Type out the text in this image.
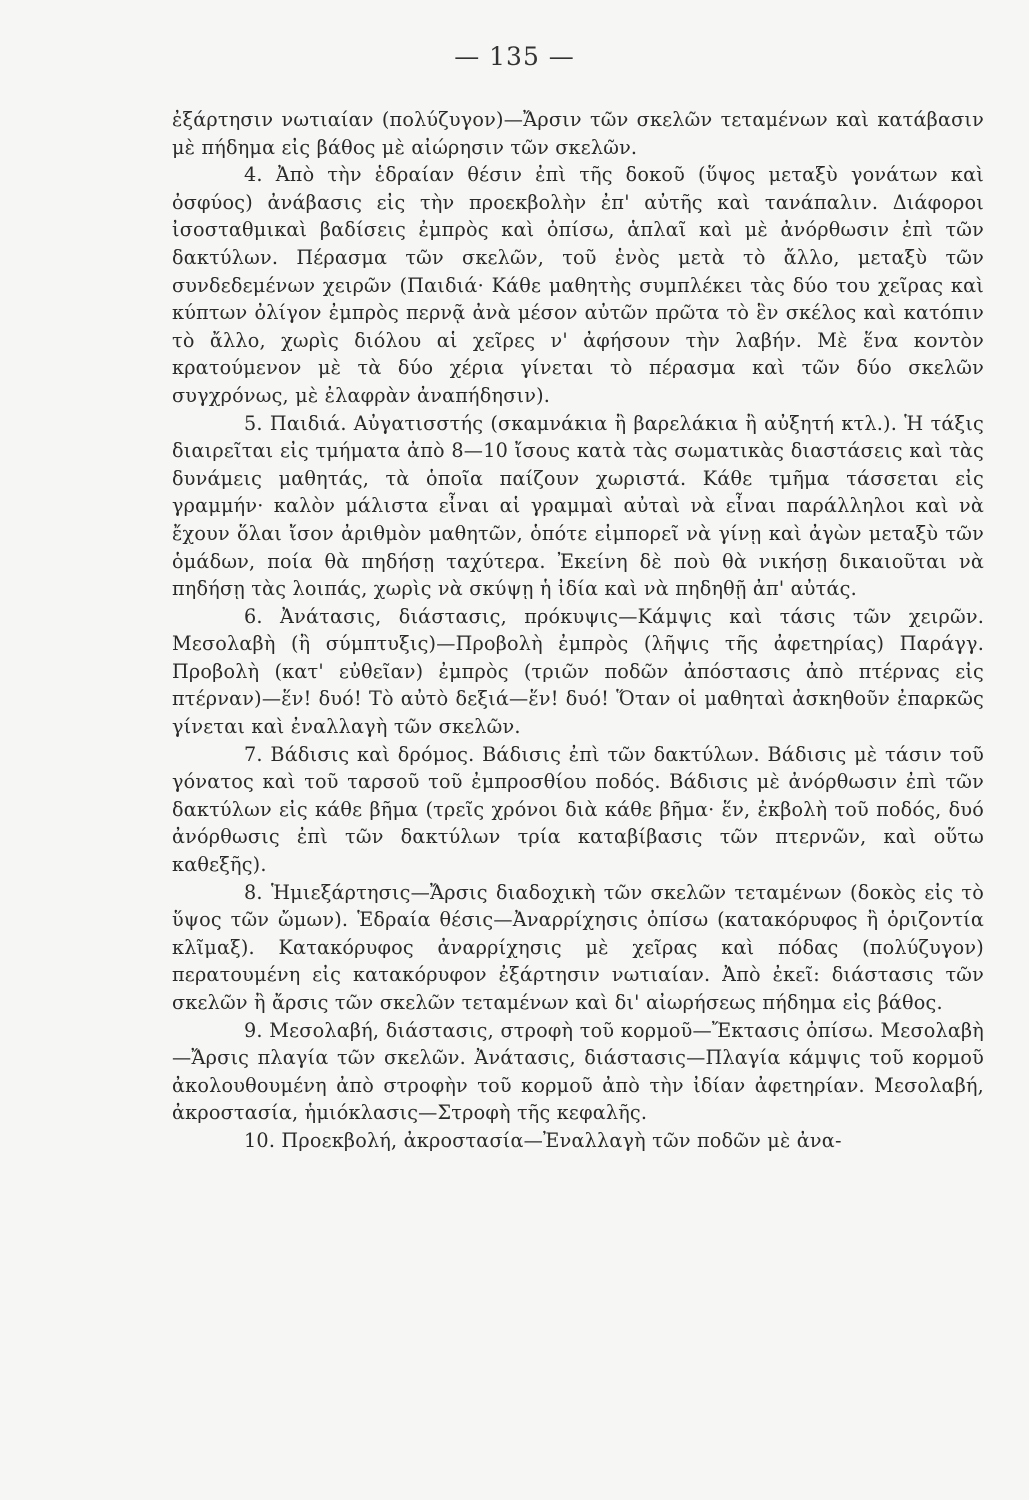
— 135 —

ἐξάρτησιν νωτιαίαν (πολύζυγον)—Ἄρσιν τῶν σκελῶν τεταμένων καὶ κατάβασιν μὲ πήδημα εἰς βάθος μὲ αἰώρησιν τῶν σκελῶν.

4. Ἀπὸ τὴν ἑδραίαν θέσιν ἐπὶ τῆς δοκοῦ (ὕψος μεταξὺ γονάτων καὶ ὀσφύος) ἀνάβασις εἰς τὴν προεκβολὴν ἐπ' αὐτῆς καὶ τανάπαλιν. Διάφοροι ἰσοσταθμικαὶ βαδίσεις ἐμπρὸς καὶ ὀπίσω, ἁπλαῖ καὶ μὲ ἀνόρθωσιν ἐπὶ τῶν δακτύλων. Πέρασμα τῶν σκελῶν, τοῦ ἑνὸς μετὰ τὸ ἄλλο, μεταξὺ τῶν συνδεδεμένων χειρῶν (Παιδιά· Κάθε μαθητὴς συμπλέκει τὰς δύο του χεῖρας καὶ κύπτων ὀλίγον ἐμπρὸς περνᾷ ἀνὰ μέσον αὐτῶν πρῶτα τὸ ἓν σκέλος καὶ κατόπιν τὸ ἄλλο, χωρὶς διόλου αἱ χεῖρες ν' ἀφήσουν τὴν λαβήν. Μὲ ἕνα κοντὸν κρατούμενον μὲ τὰ δύο χέρια γίνεται τὸ πέρασμα καὶ τῶν δύο σκελῶν συγχρόνως, μὲ ἐλαφρὰν ἀναπήδησιν).

5. Παιδιά. Αὐγατισστής (σκαμνάκια ἢ βαρελάκια ἢ αὐξητή κτλ.). Ἡ τάξις διαιρεῖται εἰς τμήματα ἀπὸ 8—10 ἴσους κατὰ τὰς σωματικὰς διαστάσεις καὶ τὰς δυνάμεις μαθητάς, τὰ ὁποῖα παίζουν χωριστά. Κάθε τμῆμα τάσσεται εἰς γραμμήν· καλὸν μάλιστα εἶναι αἱ γραμμαὶ αὐταὶ νὰ εἶναι παράλληλοι καὶ νὰ ἔχουν ὅλαι ἴσον ἀριθμὸν μαθητῶν, ὁπότε εἰμπορεῖ νὰ γίνῃ καὶ ἀγὼν μεταξὺ τῶν ὁμάδων, ποία θὰ πηδήσῃ ταχύτερα. Ἐκείνη δὲ ποὺ θὰ νικήσῃ δικαιοῦται νὰ πηδήσῃ τὰς λοιπάς, χωρὶς νὰ σκύψῃ ἡ ἰδία καὶ νὰ πηδηθῇ ἀπ' αὐτάς.

6. Ἀνάτασις, διάστασις, πρόκυψις—Κάμψις καὶ τάσις τῶν χειρῶν. Μεσολαβὴ (ἢ σύμπτυξις)—Προβολὴ ἐμπρὸς (λῆψις τῆς ἀφετηρίας) Παράγγ. Προβολὴ (κατ' εὐθεῖαν) ἐμπρὸς (τριῶν ποδῶν ἀπόστασις ἀπὸ πτέρνας εἰς πτέρναν)—ἕν! δυό! Τὸ αὐτὸ δεξιά—ἕν! δυό! Ὅταν οἱ μαθηταὶ ἀσκηθοῦν ἐπαρκῶς γίνεται καὶ ἐναλλαγὴ τῶν σκελῶν.

7. Βάδισις καὶ δρόμος. Βάδισις ἐπὶ τῶν δακτύλων. Βάδισις μὲ τάσιν τοῦ γόνατος καὶ τοῦ ταρσοῦ τοῦ ἐμπροσθίου ποδός. Βάδισις μὲ ἀνόρθωσιν ἐπὶ τῶν δακτύλων εἰς κάθε βῆμα (τρεῖς χρόνοι διὰ κάθε βῆμα· ἕν, ἐκβολὴ τοῦ ποδός, δυό ἀνόρθωσις ἐπὶ τῶν δακτύλων τρία καταβίβασις τῶν πτερνῶν, καὶ οὕτω καθεξῆς).

8. Ἡμιεξάρτησις—Ἄρσις διαδοχικὴ τῶν σκελῶν τεταμένων (δοκὸς εἰς τὸ ὕψος τῶν ὤμων). Ἑδραία θέσις—Ἀναρρίχησις ὀπίσω (κατακόρυφος ἢ ὁριζοντία κλῖμαξ). Κατακόρυφος ἀναρρίχησις μὲ χεῖρας καὶ πόδας (πολύζυγον) περατουμένη εἰς κατακόρυφον ἐξάρτησιν νωτιαίαν. Ἀπὸ ἐκεῖ: διάστασις τῶν σκελῶν ἢ ἄρσις τῶν σκελῶν τεταμένων καὶ δι' αἰωρήσεως πήδημα εἰς βάθος.

9. Μεσολαβή, διάστασις, στροφὴ τοῦ κορμοῦ—Ἔκτασις ὀπίσω. Μεσολαβὴ—Ἄρσις πλαγία τῶν σκελῶν. Ἀνάτασις, διάστασις—Πλαγία κάμψις τοῦ κορμοῦ ἀκολουθουμένη ἀπὸ στροφὴν τοῦ κορμοῦ ἀπὸ τὴν ἰδίαν ἀφετηρίαν. Μεσολαβή, ἀκροστασία, ἡμιόκλασις—Στροφὴ τῆς κεφαλῆς.

10. Προεκβολή, ἀκροστασία—Ἐναλλαγὴ τῶν ποδῶν μὲ ἀνα-
